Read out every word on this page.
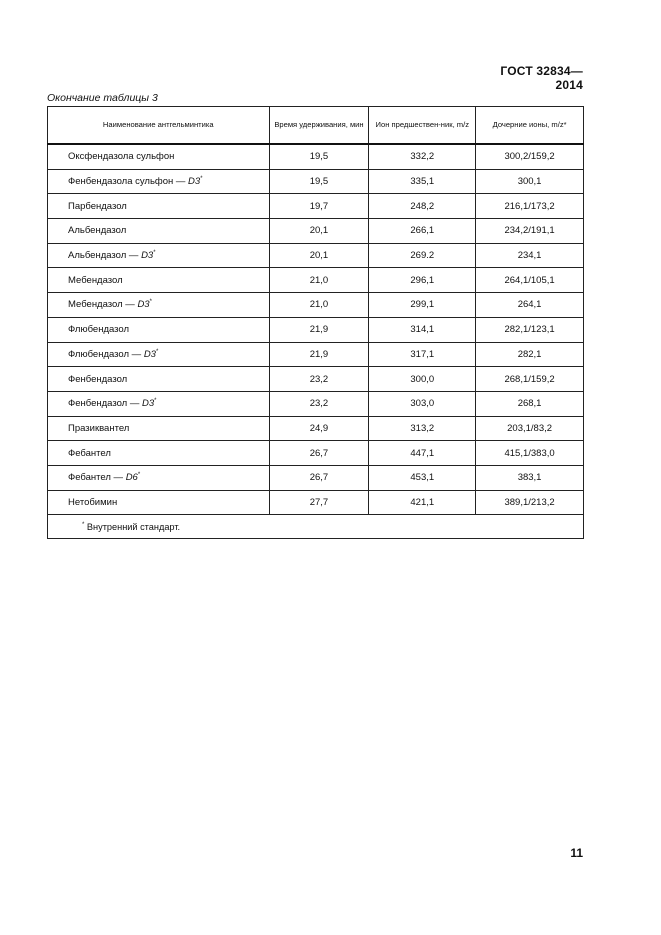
ГОСТ 32834—2014
Окончание таблицы 3
Наименование антгельминтика	Время удерживания, мин	Ион предшествен-ник, m/z	Дочерние ионы, m/z*
Оксфендазола сульфон	19,5	332,2	300,2/159,2
Фенбендазола сульфон — D3*	19,5	335,1	300,1
Парбендазол	19,7	248,2	216,1/173,2
Альбендазол	20,1	266,1	234,2/191,1
Альбендазол — D3*	20,1	269.2	234,1
Мебендазол	21,0	296,1	264,1/105,1
Мебендазол — D3*	21,0	299,1	264,1
Флюбендазол	21,9	314,1	282,1/123,1
Флюбендазол — D3*	21,9	317,1	282,1
Фенбендазол	23,2	300,0	268,1/159,2
Фенбендазол — D3*	23,2	303,0	268,1
Празиквантел	24,9	313,2	203,1/83,2
Фебантел	26,7	447,1	415,1/383,0
Фебантел — D6*	26,7	453,1	383,1
Нетобимин	27,7	421,1	389,1/213,2
* Внутренний стандарт.			
11
